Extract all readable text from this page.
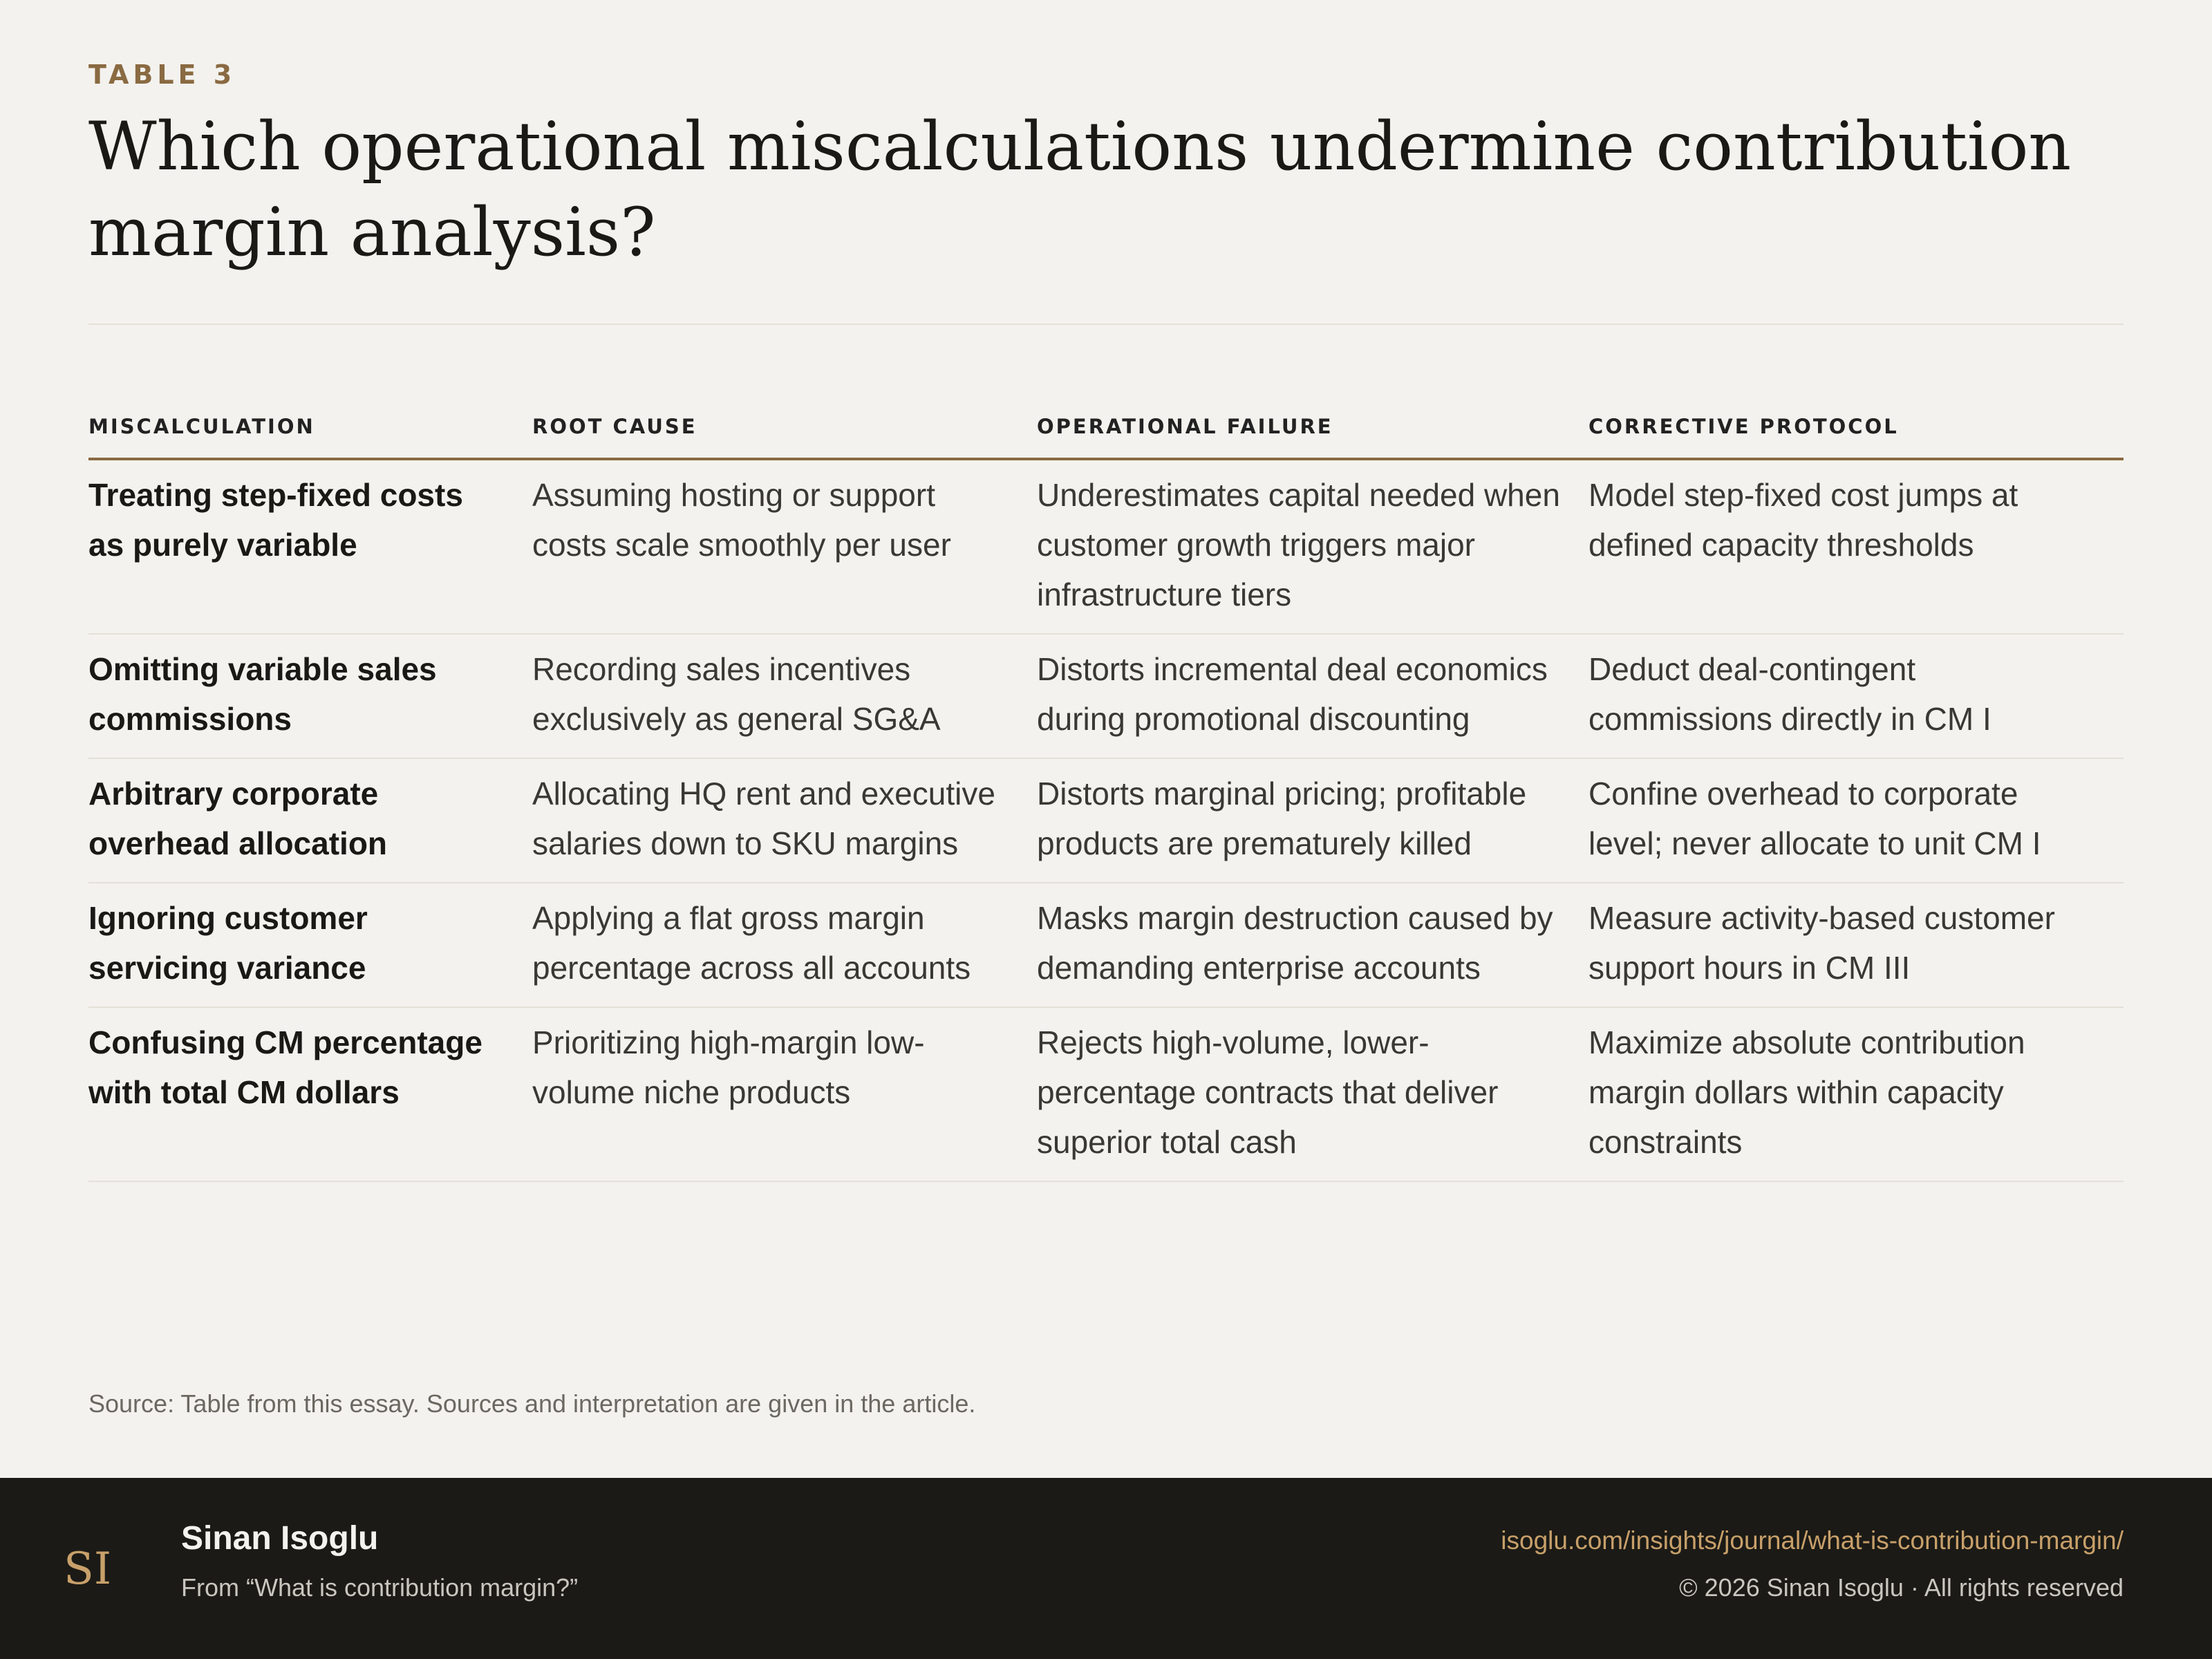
TABLE 3
Which operational miscalculations undermine contribution margin analysis?
MISCALCULATION	ROOT CAUSE	OPERATIONAL FAILURE	CORRECTIVE PROTOCOL
Treating step-fixed costs as purely variable	Assuming hosting or support costs scale smoothly per user	Underestimates capital needed when customer growth triggers major infrastructure tiers	Model step-fixed cost jumps at defined capacity thresholds
Omitting variable sales commissions	Recording sales incentives exclusively as general SG&A	Distorts incremental deal economics during promotional discounting	Deduct deal-contingent commissions directly in CM I
Arbitrary corporate overhead allocation	Allocating HQ rent and executive salaries down to SKU margins	Distorts marginal pricing; profitable products are prematurely killed	Confine overhead to corporate level; never allocate to unit CM I
Ignoring customer servicing variance	Applying a flat gross margin percentage across all accounts	Masks margin destruction caused by demanding enterprise accounts	Measure activity-based customer support hours in CM III
Confusing CM percentage with total CM dollars	Prioritizing high-margin low-volume niche products	Rejects high-volume, lower-percentage contracts that deliver superior total cash	Maximize absolute contribution margin dollars within capacity constraints
Source: Table from this essay. Sources and interpretation are given in the article.
SI
Sinan Isoglu
From “What is contribution margin?”
isoglu.com/insights/journal/what-is-contribution-margin/
© 2026 Sinan Isoglu · All rights reserved
